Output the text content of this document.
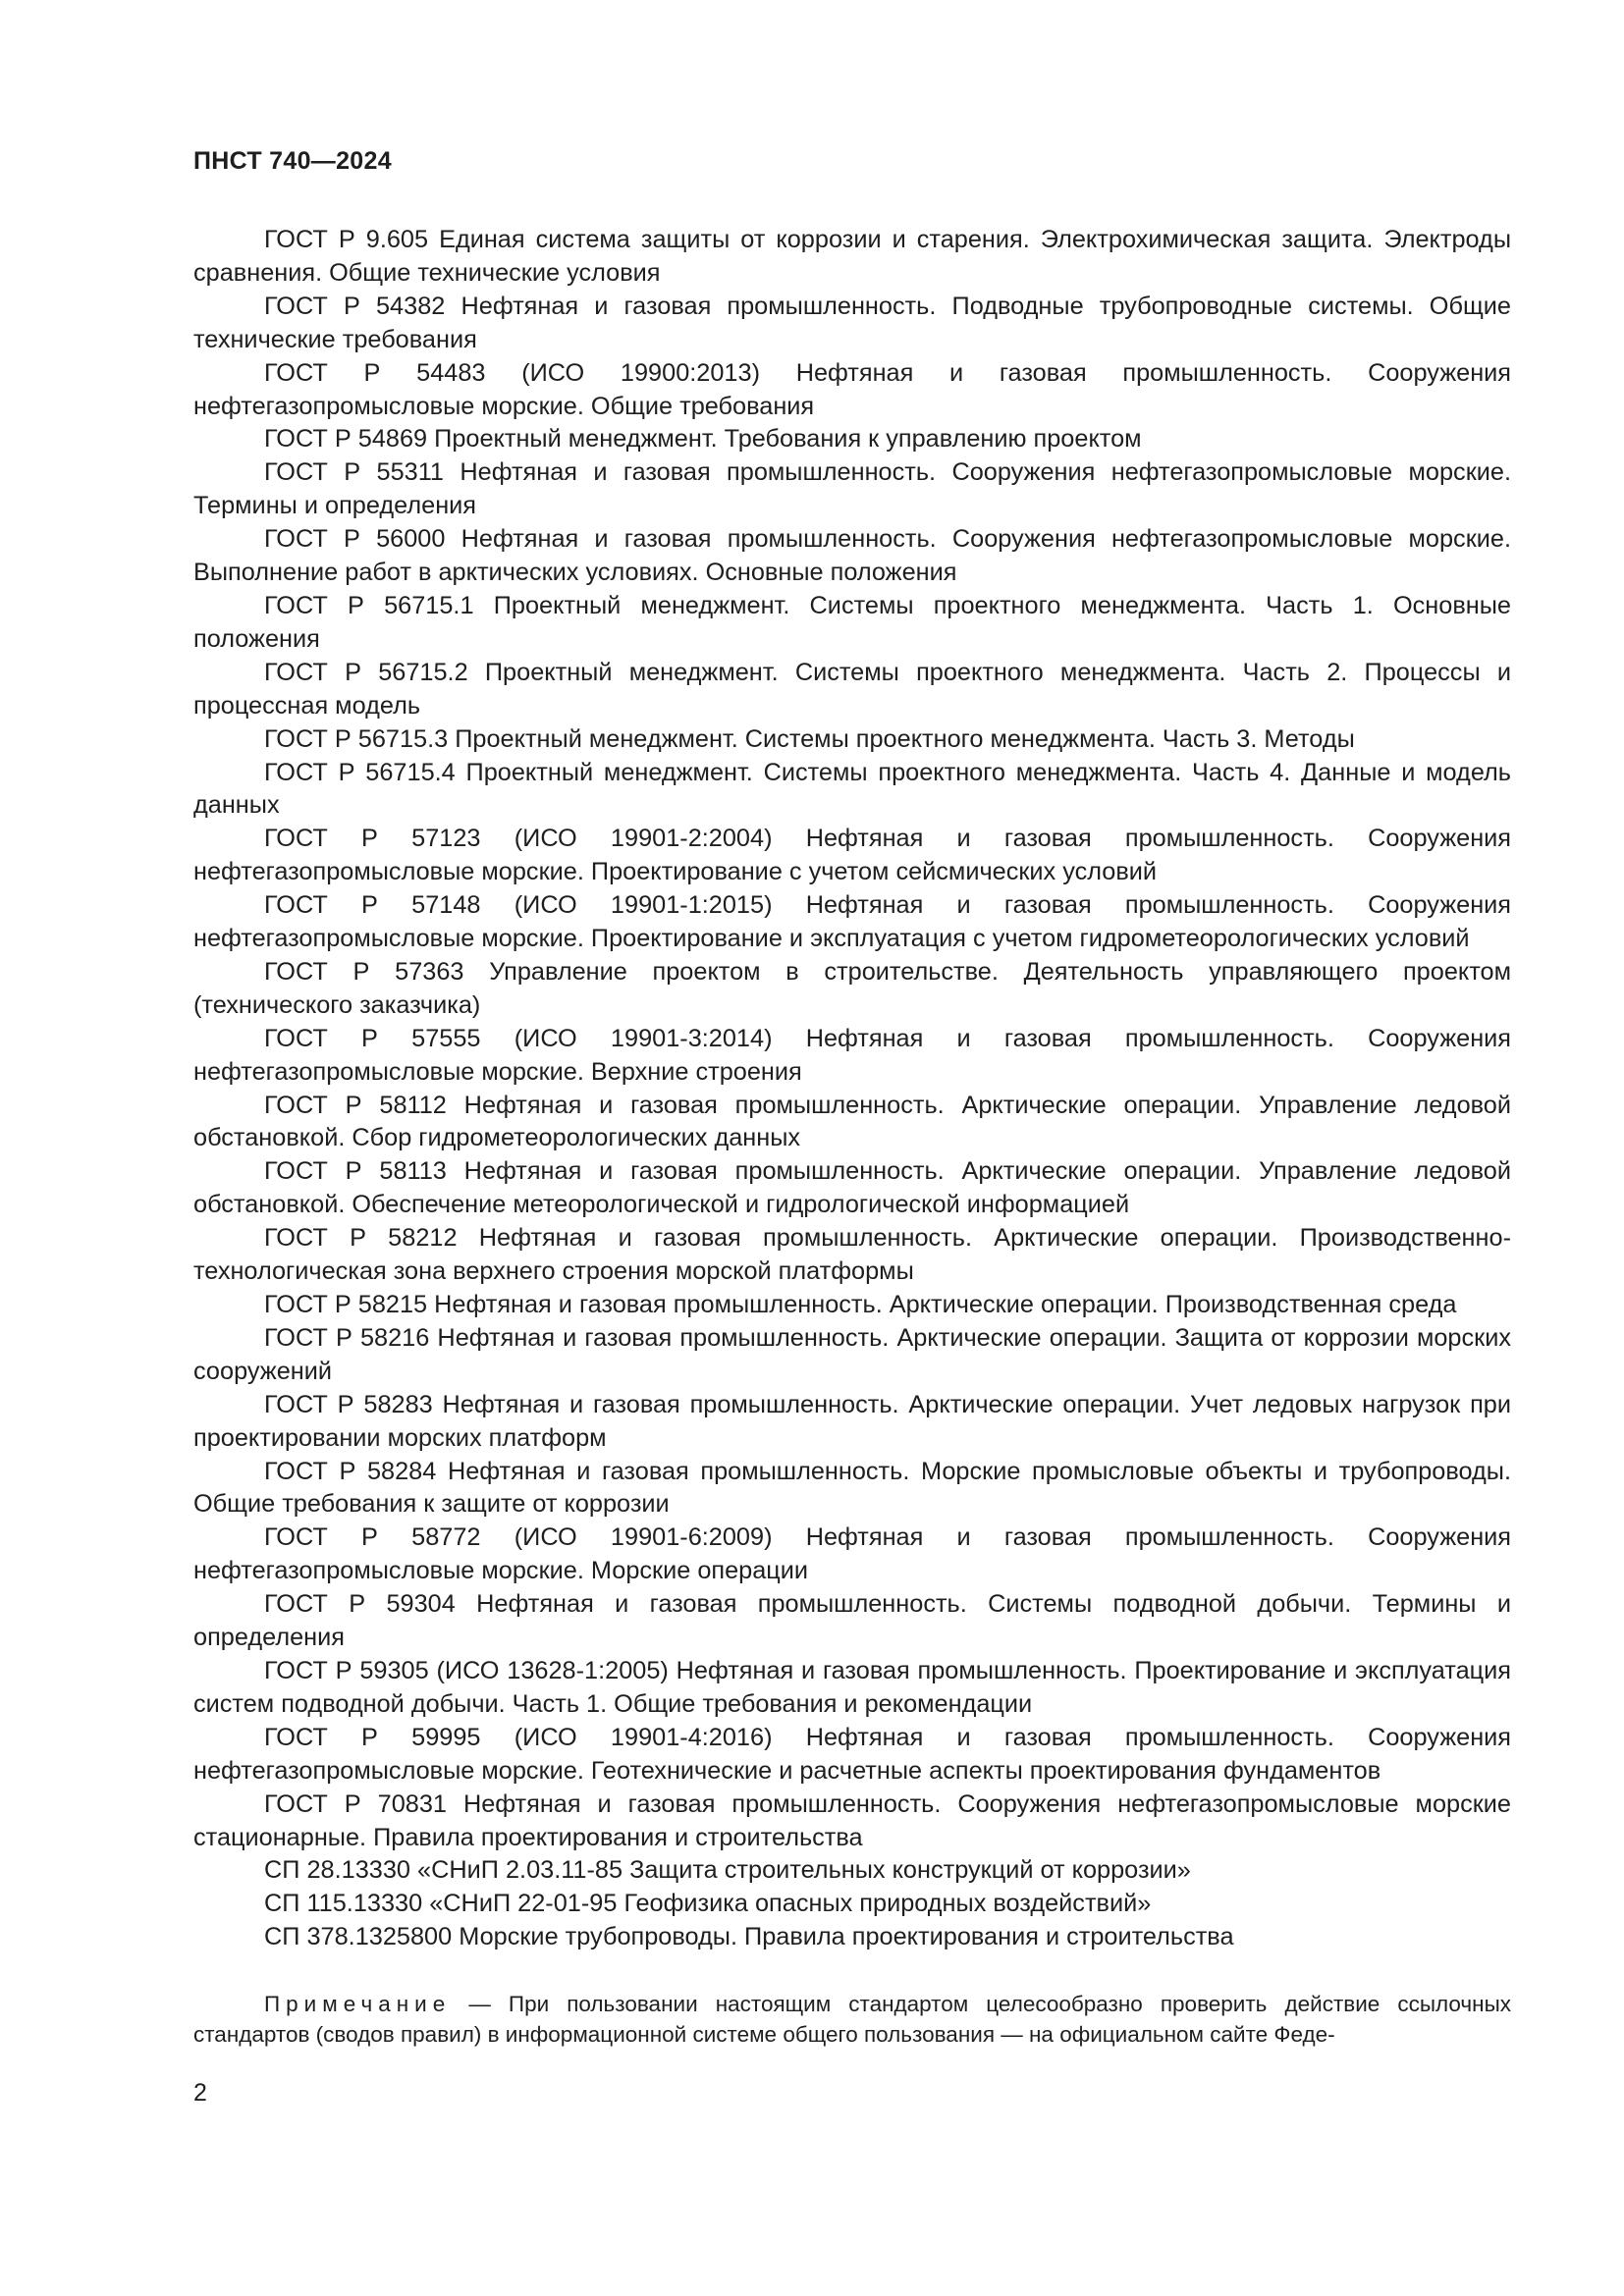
ПНСТ 740—2024

ГОСТ Р 9.605 Единая система защиты от коррозии и старения. Электрохимическая защита. Электроды сравнения. Общие технические условия

ГОСТ Р 54382 Нефтяная и газовая промышленность. Подводные трубопроводные системы. Общие технические требования

ГОСТ Р 54483 (ИСО 19900:2013) Нефтяная и газовая промышленность. Сооружения нефтегазопромысловые морские. Общие требования

ГОСТ Р 54869 Проектный менеджмент. Требования к управлению проектом

ГОСТ Р 55311 Нефтяная и газовая промышленность. Сооружения нефтегазопромысловые морские. Термины и определения

ГОСТ Р 56000 Нефтяная и газовая промышленность. Сооружения нефтегазопромысловые морские. Выполнение работ в арктических условиях. Основные положения

ГОСТ Р 56715.1 Проектный менеджмент. Системы проектного менеджмента. Часть 1. Основные положения

ГОСТ Р 56715.2 Проектный менеджмент. Системы проектного менеджмента. Часть 2. Процессы и процессная модель

ГОСТ Р 56715.3 Проектный менеджмент. Системы проектного менеджмента. Часть 3. Методы

ГОСТ Р 56715.4 Проектный менеджмент. Системы проектного менеджмента. Часть 4. Данные и модель данных

ГОСТ Р 57123 (ИСО 19901-2:2004) Нефтяная и газовая промышленность. Сооружения нефтегазопромысловые морские. Проектирование с учетом сейсмических условий

ГОСТ Р 57148 (ИСО 19901-1:2015) Нефтяная и газовая промышленность. Сооружения нефтегазопромысловые морские. Проектирование и эксплуатация с учетом гидрометеорологических условий

ГОСТ Р 57363 Управление проектом в строительстве. Деятельность управляющего проектом (технического заказчика)

ГОСТ Р 57555 (ИСО 19901-3:2014) Нефтяная и газовая промышленность. Сооружения нефтегазопромысловые морские. Верхние строения

ГОСТ Р 58112 Нефтяная и газовая промышленность. Арктические операции. Управление ледовой обстановкой. Сбор гидрометеорологических данных

ГОСТ Р 58113 Нефтяная и газовая промышленность. Арктические операции. Управление ледовой обстановкой. Обеспечение метеорологической и гидрологической информацией

ГОСТ Р 58212 Нефтяная и газовая промышленность. Арктические операции. Производственно-технологическая зона верхнего строения морской платформы

ГОСТ Р 58215 Нефтяная и газовая промышленность. Арктические операции. Производственная среда

ГОСТ Р 58216 Нефтяная и газовая промышленность. Арктические операции. Защита от коррозии морских сооружений

ГОСТ Р 58283 Нефтяная и газовая промышленность. Арктические операции. Учет ледовых нагрузок при проектировании морских платформ

ГОСТ Р 58284 Нефтяная и газовая промышленность. Морские промысловые объекты и трубопроводы. Общие требования к защите от коррозии

ГОСТ Р 58772 (ИСО 19901-6:2009) Нефтяная и газовая промышленность. Сооружения нефтегазопромысловые морские. Морские операции

ГОСТ Р 59304 Нефтяная и газовая промышленность. Системы подводной добычи. Термины и определения

ГОСТ Р 59305 (ИСО 13628-1:2005) Нефтяная и газовая промышленность. Проектирование и эксплуатация систем подводной добычи. Часть 1. Общие требования и рекомендации

ГОСТ Р 59995 (ИСО 19901-4:2016) Нефтяная и газовая промышленность. Сооружения нефтегазопромысловые морские. Геотехнические и расчетные аспекты проектирования фундаментов

ГОСТ Р 70831 Нефтяная и газовая промышленность. Сооружения нефтегазопромысловые морские стационарные. Правила проектирования и строительства

СП 28.13330 «СНиП 2.03.11-85 Защита строительных конструкций от коррозии»

СП 115.13330 «СНиП 22-01-95 Геофизика опасных природных воздействий»

СП 378.1325800 Морские трубопроводы. Правила проектирования и строительства

Примечание — При пользовании настоящим стандартом целесообразно проверить действие ссылочных стандартов (сводов правил) в информационной системе общего пользования — на официальном сайте Феде-

2
